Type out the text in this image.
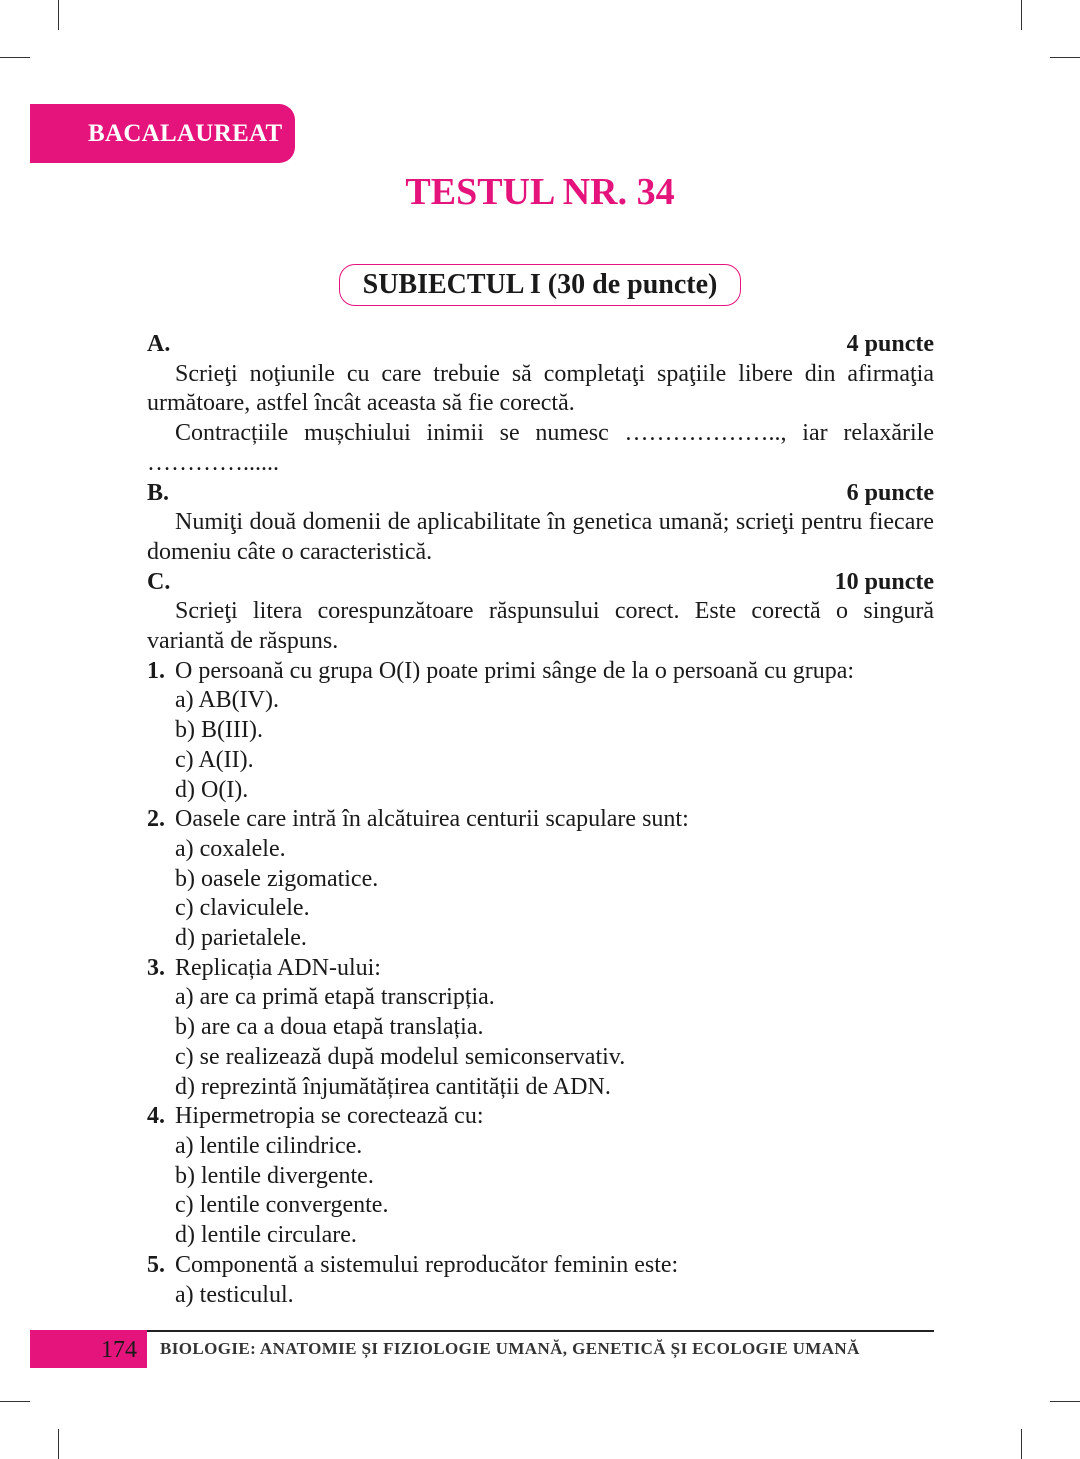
BACALAUREAT
TESTUL NR. 34
SUBIECTUL I (30 de puncte)
A.	4 puncte

Scrieţi noţiunile cu care trebuie să completaţi spaţiile libere din afirmaţia următoare, astfel încât aceasta să fie corectă.

Contracțiile mușchiului inimii se numesc ……………….., iar relaxările

…………......
B.	6 puncte

Numiţi două domenii de aplicabilitate în genetica umană; scrieţi pentru fiecare domeniu câte o caracteristică.

C.	10 puncte

Scrieţi litera corespunzătoare răspunsului corect. Este corectă o singură variantă de răspuns.

1. O persoană cu grupa O(I) poate primi sânge de la o persoană cu grupa:
a) AB(IV).
b) B(III).
c) A(II).
d) O(I).
2. Oasele care intră în alcătuirea centurii scapulare sunt:
a) coxalele.
b) oasele zigomatice.
c) claviculele.
d) parietalele.
3. Replicația ADN-ului:
a) are ca primă etapă transcripția.
b) are ca a doua etapă translația.
c) se realizează după modelul semiconservativ.
d) reprezintă înjumătățirea cantității de ADN.
4. Hipermetropia se corectează cu:
a) lentile cilindrice.
b) lentile divergente.
c) lentile convergente.
d) lentile circulare.
5. Componentă a sistemului reproducător feminin este:
a) testiculul.
174	BIOLOGIE: ANATOMIE ȘI FIZIOLOGIE UMANĂ, GENETICĂ ȘI ECOLOGIE UMANĂ
